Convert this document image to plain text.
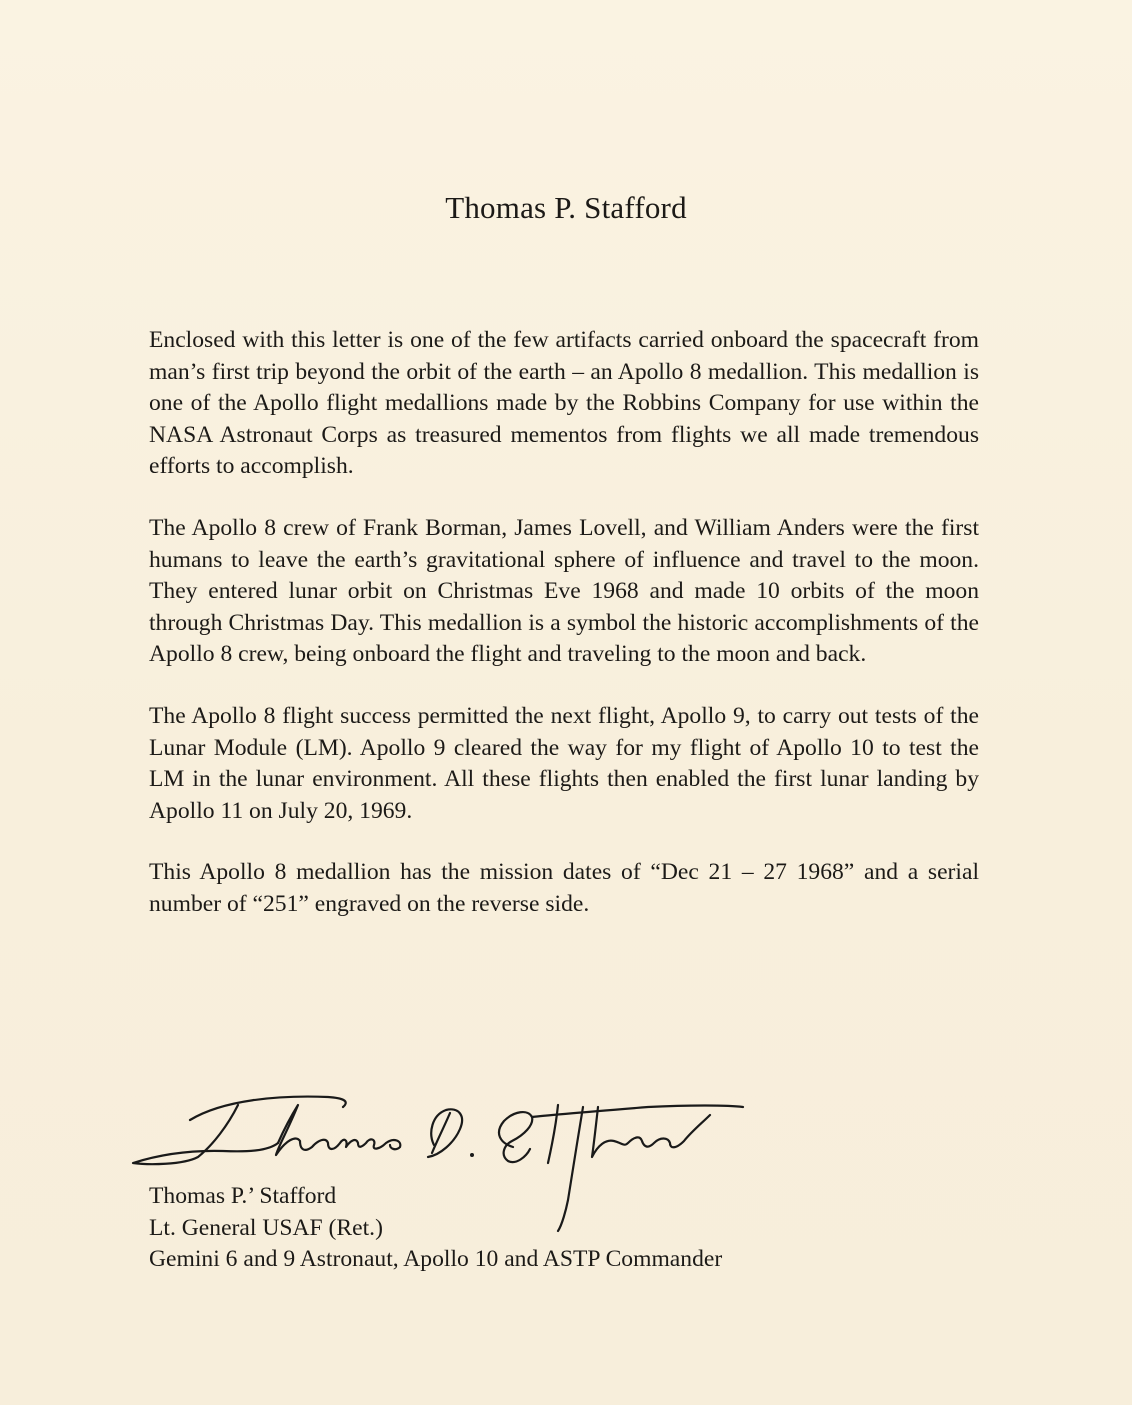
Thomas P. Stafford

Enclosed with this letter is one of the few artifacts carried onboard the spacecraft from man’s first trip beyond the orbit of the earth – an Apollo 8 medallion. This medallion is one of the Apollo flight medallions made by the Robbins Company for use within the NASA Astronaut Corps as treasured mementos from flights we all made tremendous efforts to accomplish.

The Apollo 8 crew of Frank Borman, James Lovell, and William Anders were the first humans to leave the earth’s gravitational sphere of influence and travel to the moon. They entered lunar orbit on Christmas Eve 1968 and made 10 orbits of the moon through Christmas Day. This medallion is a symbol the historic accomplishments of the Apollo 8 crew, being onboard the flight and traveling to the moon and back.

The Apollo 8 flight success permitted the next flight, Apollo 9, to carry out tests of the Lunar Module (LM). Apollo 9 cleared the way for my flight of Apollo 10 to test the LM in the lunar environment. All these flights then enabled the first lunar landing by Apollo 11 on July 20, 1969.

This Apollo 8 medallion has the mission dates of “Dec 21 – 27 1968” and a serial number of “251” engraved on the reverse side.

Thomas P.’ Stafford
Lt. General USAF (Ret.)
Gemini 6 and 9 Astronaut, Apollo 10 and ASTP Commander
